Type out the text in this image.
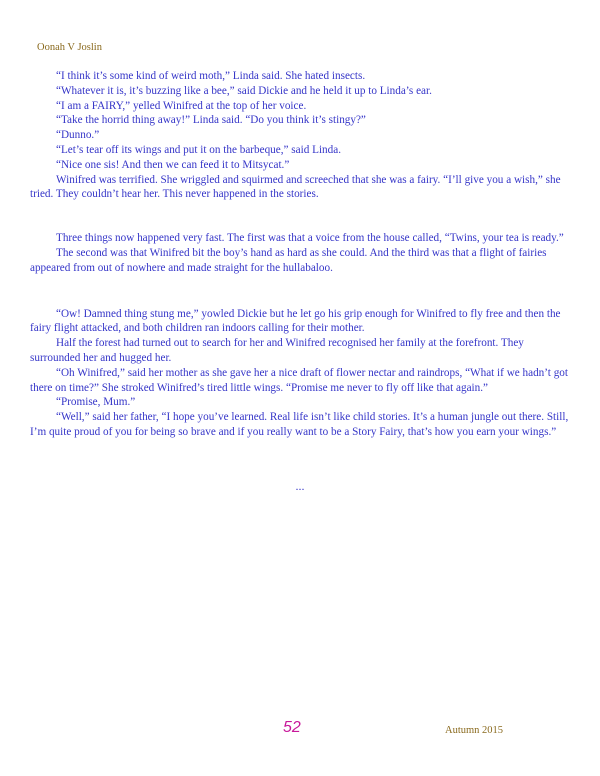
Oonah V Joslin

“I think it’s some kind of weird moth,” Linda said. She hated insects.

“Whatever it is, it’s buzzing like a bee,” said Dickie and he held it up to Linda’s ear.

“I am a FAIRY,” yelled Winifred at the top of her voice.

“Take the horrid thing away!” Linda said. “Do you think it’s stingy?”

“Dunno.”

“Let’s tear off its wings and put it on the barbeque,” said Linda.

“Nice one sis! And then we can feed it to Mitsycat.”

Winifred was terrified. She wriggled and squirmed and screeched that she was a fairy. “I’ll give you a wish,” she tried. They couldn’t hear her. This never happened in the stories.

Three things now happened very fast. The first was that a voice from the house called, “Twins, your tea is ready.”

The second was that Winifred bit the boy’s hand as hard as she could. And the third was that a flight of fairies appeared from out of nowhere and made straight for the hullabaloo.

“Ow! Damned thing stung me,” yowled Dickie but he let go his grip enough for Winifred to fly free and then the fairy flight attacked, and both children ran indoors calling for their mother.

Half the forest had turned out to search for her and Winifred recognised her family at the forefront. They surrounded her and hugged her.

“Oh Winifred,” said her mother as she gave her a nice draft of flower nectar and raindrops, “What if we hadn’t got there on time?” She stroked Winifred’s tired little wings. “Promise me never to fly off like that again.”

“Promise, Mum.”

“Well,” said her father, “I hope you’ve learned. Real life isn’t like child stories. It’s a human jungle out there. Still, I’m quite proud of you for being so brave and if you really want to be a Story Fairy, that’s how you earn your wings.”

...
52	Autumn 2015
